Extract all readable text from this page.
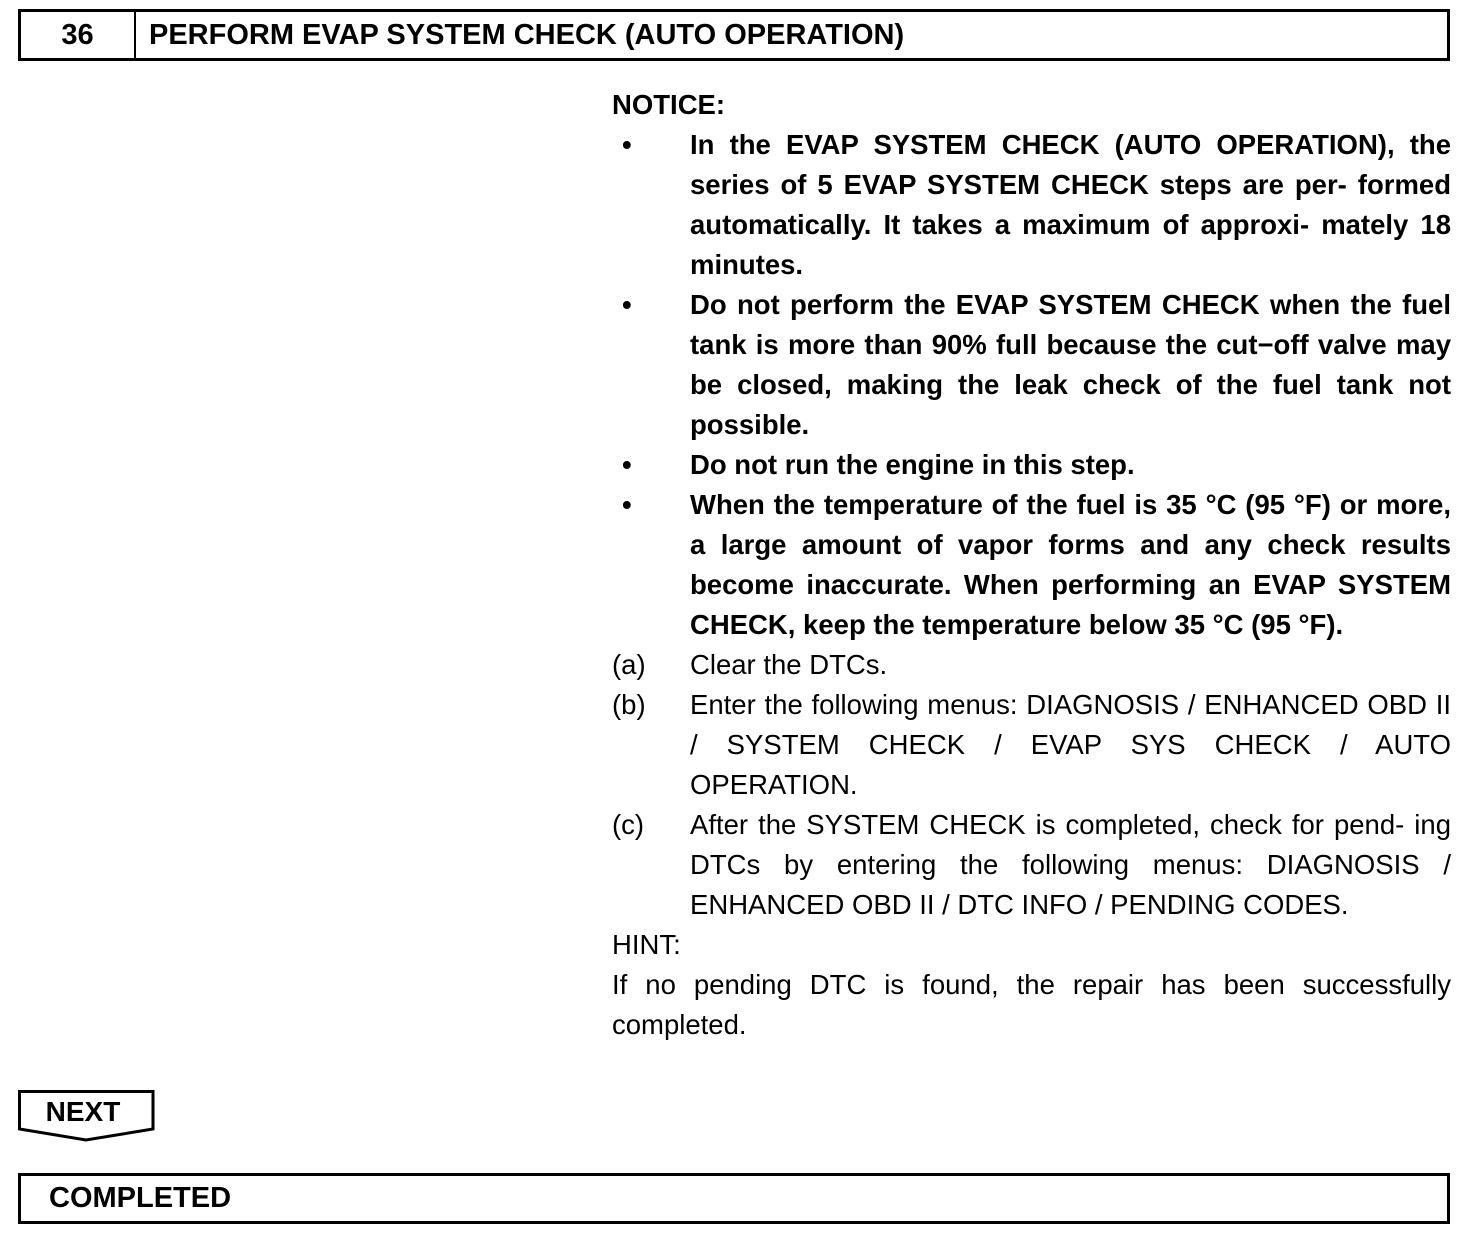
36	PERFORM EVAP SYSTEM CHECK (AUTO OPERATION)
NOTICE:
•	In the EVAP SYSTEM CHECK (AUTO OPERATION), the series of 5 EVAP SYSTEM CHECK steps are per- formed automatically. It takes a maximum of approxi- mately 18 minutes.
•	Do not perform the EVAP SYSTEM CHECK when the fuel tank is more than 90% full because the cut−off valve may be closed, making the leak check of the fuel tank not possible.
•	Do not run the engine in this step.
•	When the temperature of the fuel is 35 °C (95 °F) or more, a large amount of vapor forms and any check results become inaccurate. When performing an EVAP SYSTEM CHECK, keep the temperature below 35 °C (95 °F).
(a)	Clear the DTCs.
(b)	Enter the following menus: DIAGNOSIS / ENHANCED OBD II / SYSTEM CHECK / EVAP SYS CHECK / AUTO OPERATION.
(c)	After the SYSTEM CHECK is completed, check for pend- ing DTCs by entering the following menus: DIAGNOSIS / ENHANCED OBD II / DTC INFO / PENDING CODES.
HINT:
If no pending DTC is found, the repair has been successfully completed.
NEXT
COMPLETED
